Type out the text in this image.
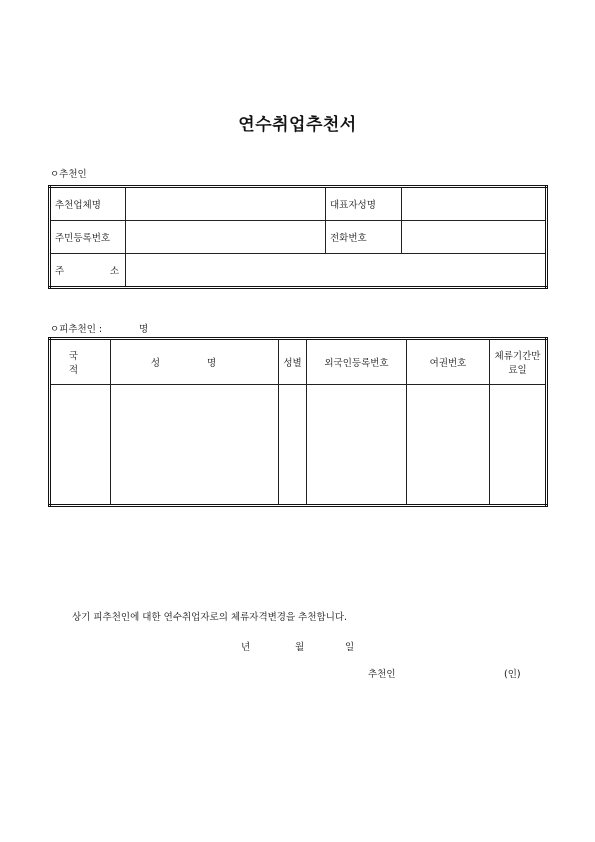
연수취업추천서
ㅇ추천인
추천업체명		대표자성명	
주민등록번호		전화번호	

주 소			

ㅇ피추천인 :	명
국 적	성 명	성별	외국인등록번호	여권번호	체류기간만료일

상기 피추천인에 대한 연수취업자로의 체류자격변경을 추천합니다.
년	월	일
추천인	(인)
